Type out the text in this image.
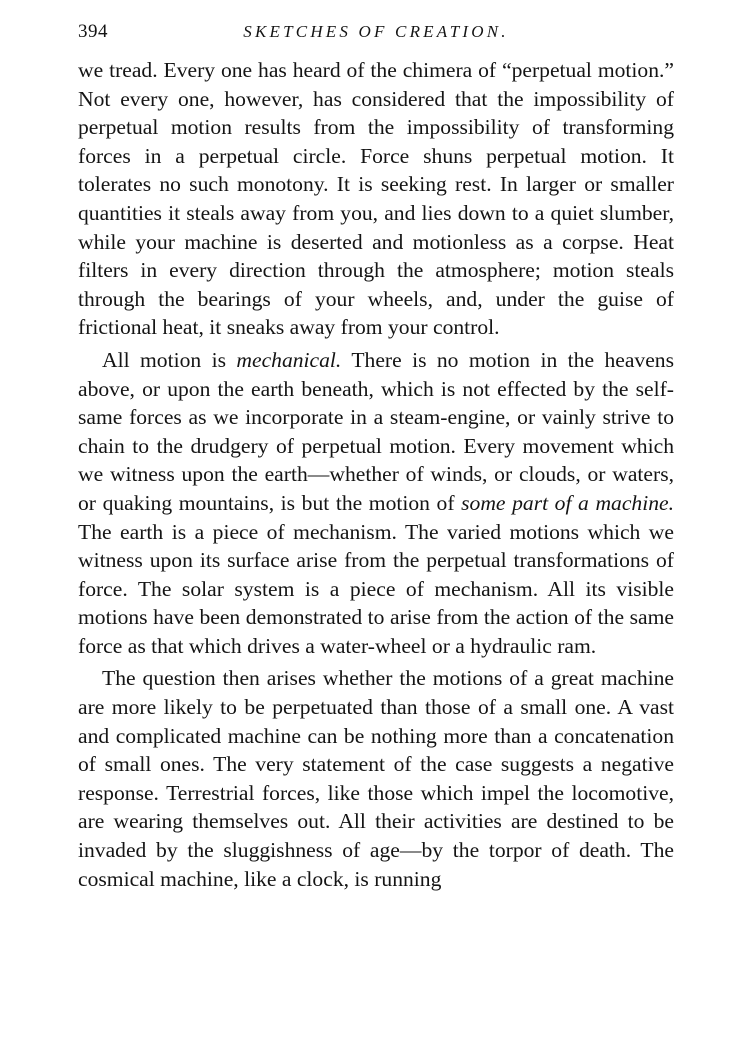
394	SKETCHES OF CREATION.

we tread. Every one has heard of the chimera of “perpetual motion.” Not every one, however, has considered that the impossibility of perpetual motion results from the impossibility of transforming forces in a perpetual circle. Force shuns perpetual motion. It tolerates no such monotony. It is seeking rest. In larger or smaller quantities it steals away from you, and lies down to a quiet slumber, while your machine is deserted and motionless as a corpse. Heat filters in every direction through the atmosphere; motion steals through the bearings of your wheels, and, under the guise of frictional heat, it sneaks away from your control.

All motion is mechanical. There is no motion in the heavens above, or upon the earth beneath, which is not effected by the self-same forces as we incorporate in a steam-engine, or vainly strive to chain to the drudgery of perpetual motion. Every movement which we witness upon the earth—whether of winds, or clouds, or waters, or quaking mountains, is but the motion of some part of a machine. The earth is a piece of mechanism. The varied motions which we witness upon its surface arise from the perpetual transformations of force. The solar system is a piece of mechanism. All its visible motions have been demonstrated to arise from the action of the same force as that which drives a water-wheel or a hydraulic ram.

The question then arises whether the motions of a great machine are more likely to be perpetuated than those of a small one. A vast and complicated machine can be nothing more than a concatenation of small ones. The very statement of the case suggests a negative response. Terrestrial forces, like those which impel the locomotive, are wearing themselves out. All their activities are destined to be invaded by the sluggishness of age—by the torpor of death. The cosmical machine, like a clock, is running
